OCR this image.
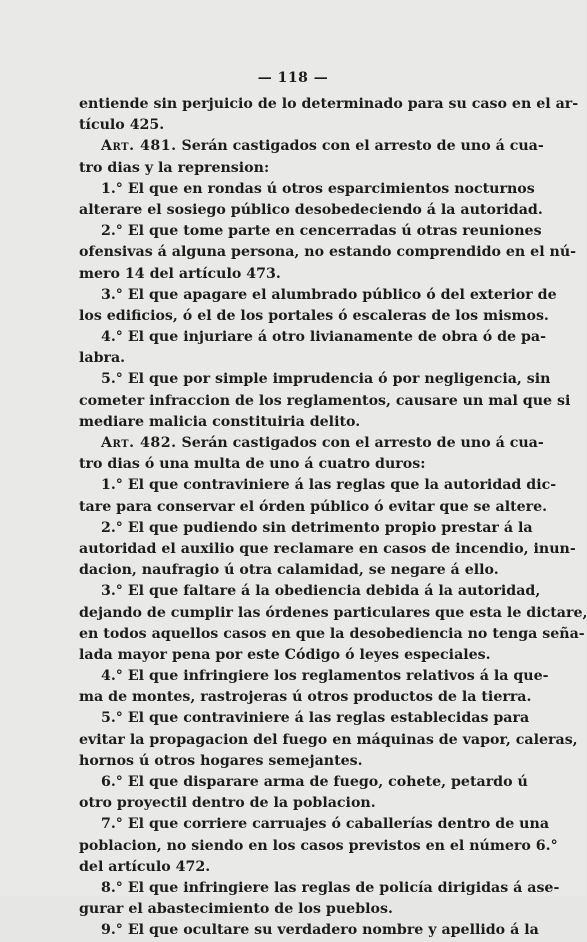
— 118 —
entiende sin perjuicio de lo determinado para su caso en el ar-
tículo 425.
Art. 481. Serán castigados con el arresto de uno á cua-
tro dias y la reprension:
1.° El que en rondas ú otros esparcimientos nocturnos
alterare el sosiego público desobedeciendo á la autoridad.
2.° El que tome parte en cencerradas ú otras reuniones
ofensivas á alguna persona, no estando comprendido en el nú-
mero 14 del artículo 473.
3.° El que apagare el alumbrado público ó del exterior de
los edificios, ó el de los portales ó escaleras de los mismos.
4.° El que injuriare á otro livianamente de obra ó de pa-
labra.
5.° El que por simple imprudencia ó por negligencia, sin
cometer infraccion de los reglamentos, causare un mal que si
mediare malicia constituiria delito.
Art. 482. Serán castigados con el arresto de uno á cua-
tro dias ó una multa de uno á cuatro duros:
1.° El que contraviniere á las reglas que la autoridad dic-
tare para conservar el órden público ó evitar que se altere.
2.° El que pudiendo sin detrimento propio prestar á la
autoridad el auxilio que reclamare en casos de incendio, inun-
dacion, naufragio ú otra calamidad, se negare á ello.
3.° El que faltare á la obediencia debida á la autoridad,
dejando de cumplir las órdenes particulares que esta le dictare,
en todos aquellos casos en que la desobediencia no tenga seña-
lada mayor pena por este Código ó leyes especiales.
4.° El que infringiere los reglamentos relativos á la que-
ma de montes, rastrojeras ú otros productos de la tierra.
5.° El que contraviniere á las reglas establecidas para
evitar la propagacion del fuego en máquinas de vapor, caleras,
hornos ú otros hogares semejantes.
6.° El que disparare arma de fuego, cohete, petardo ú
otro proyectil dentro de la poblacion.
7.° El que corriere carruajes ó caballerías dentro de una
poblacion, no siendo en los casos previstos en el número 6.°
del artículo 472.
8.° El que infringiere las reglas de policía dirigidas á ase-
gurar el abastecimiento de los pueblos.
9.° El que ocultare su verdadero nombre y apellido á la
